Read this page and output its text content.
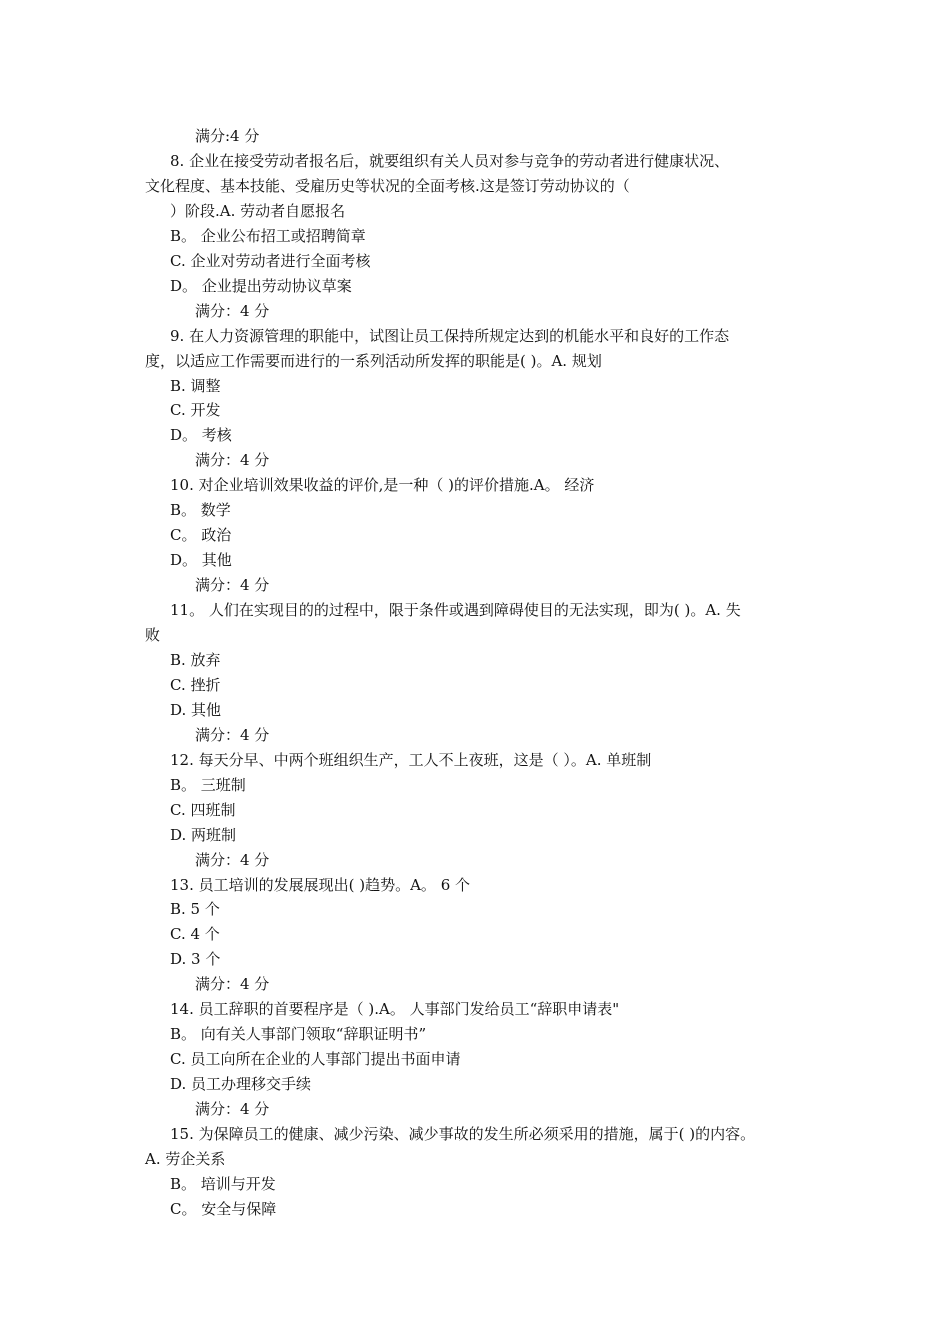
满分:4 分
8. 企业在接受劳动者报名后，就要组织有关人员对参与竞争的劳动者进行健康状况、
文化程度、基本技能、受雇历史等状况的全面考核.这是签订劳动协议的（
）阶段.A. 劳动者自愿报名
B。 企业公布招工或招聘简章
C. 企业对劳动者进行全面考核
D。 企业提出劳动协议草案
满分：4 分
9. 在人力资源管理的职能中，试图让员工保持所规定达到的机能水平和良好的工作态
度，以适应工作需要而进行的一系列活动所发挥的职能是( )。A. 规划
B. 调整
C. 开发
D。 考核
满分：4 分
10. 对企业培训效果收益的评价,是一种（ )的评价措施.A。 经济
B。 数学
C。 政治
D。 其他
满分：4 分
11。 人们在实现目的的过程中，限于条件或遇到障碍使目的无法实现，即为( )。A. 失
败
B. 放弃
C. 挫折
D. 其他
满分：4 分
12. 每天分早、中两个班组织生产，工人不上夜班，这是（ ）。A. 单班制
B。 三班制
C. 四班制
D. 两班制
满分：4 分
13. 员工培训的发展展现出( )趋势。A。 6 个
B. 5 个
C. 4 个
D. 3 个
满分：4 分
14. 员工辞职的首要程序是（ ).A。 人事部门发给员工“辞职申请表"
B。 向有关人事部门领取“辞职证明书”
C. 员工向所在企业的人事部门提出书面申请
D. 员工办理移交手续
满分：4 分
15. 为保障员工的健康、减少污染、减少事故的发生所必须采用的措施，属于( )的内容。
A. 劳企关系
B。 培训与开发
C。 安全与保障
